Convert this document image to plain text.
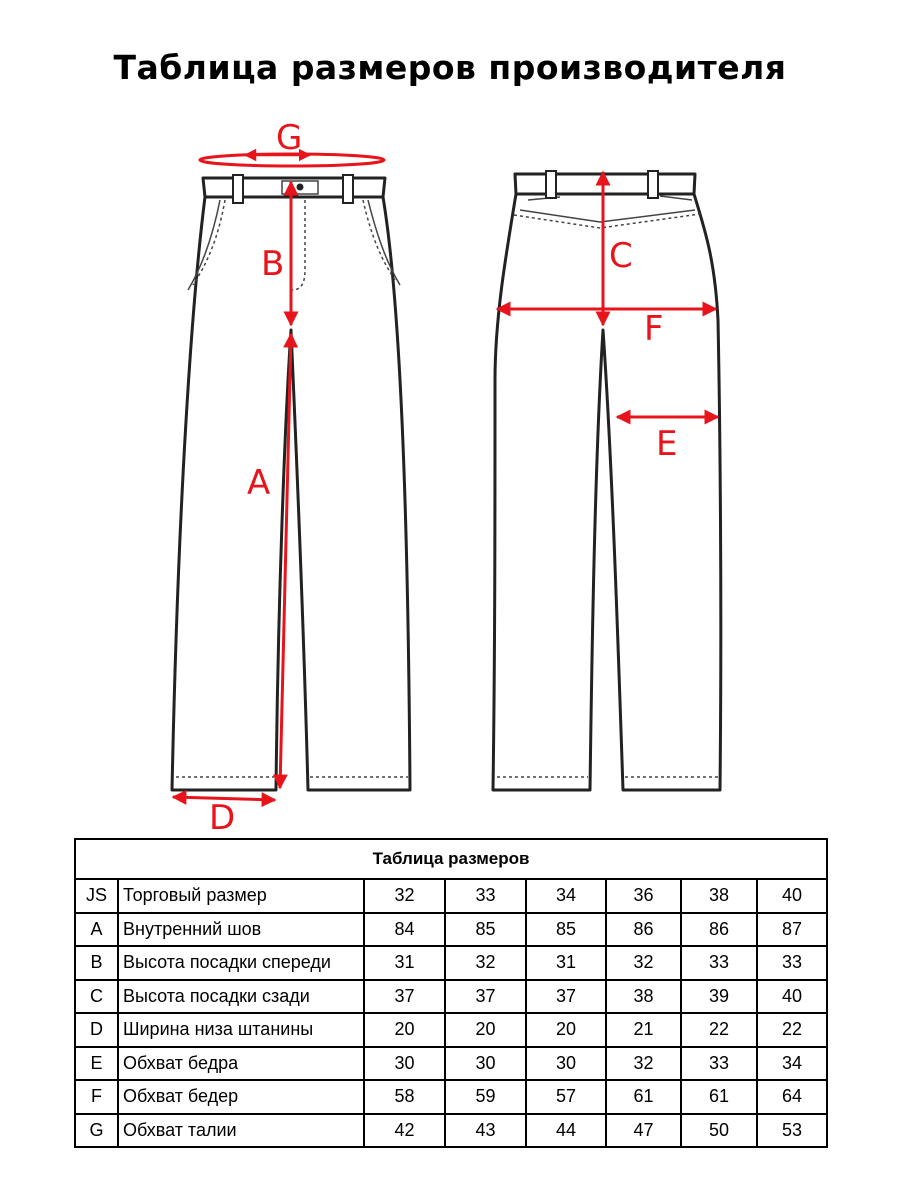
Таблица размеров производителя
G
B
A
D
C
F
E
Таблица размеров							
JS	Торговый размер	32	33	34	36	38	40
A	Внутренний шов	84	85	85	86	86	87
B	Высота посадки спереди	31	32	31	32	33	33
C	Высота посадки сзади	37	37	37	38	39	40
D	Ширина низа штанины	20	20	20	21	22	22
E	Обхват бедра	30	30	30	32	33	34
F	Обхват бедер	58	59	57	61	61	64
G	Обхват талии	42	43	44	47	50	53
